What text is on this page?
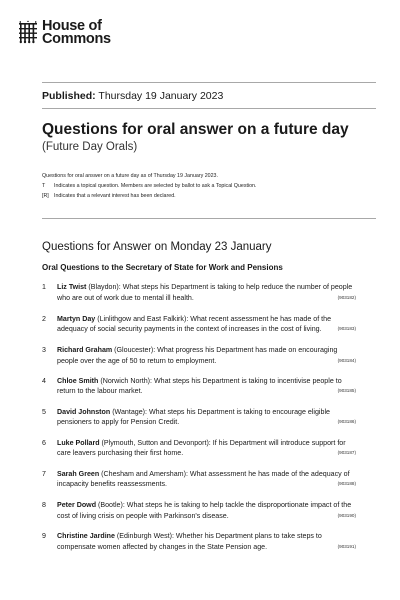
House of
Commons
Published: Thursday 19 January 2023
Questions for oral answer on a future day
(Future Day Orals)
Questions for oral answer on a future day as of Thursday 19 January 2023.
T Indicates a topical question. Members are selected by ballot to ask a Topical Question.
[R] Indicates that a relevant interest has been declared.
Questions for Answer on Monday 23 January
Oral Questions to the Secretary of State for Work and Pensions
1 Liz Twist (Blaydon): What steps his Department is taking to help reduce the number of people who are out of work due to mental ill health.	(903182)
2 Martyn Day (Linlithgow and East Falkirk): What recent assessment he has made of the adequacy of social security payments in the context of increases in the cost of living.	(903183)
3 Richard Graham (Gloucester): What progress his Department has made on encouraging people over the age of 50 to return to employment.	(903184)
4 Chloe Smith (Norwich North): What steps his Department is taking to incentivise people to return to the labour market.	(903185)
5 David Johnston (Wantage): What steps his Department is taking to encourage eligible pensioners to apply for Pension Credit.	(903186)
6 Luke Pollard (Plymouth, Sutton and Devonport): If his Department will introduce support for care leavers purchasing their first home.	(903187)
7 Sarah Green (Chesham and Amersham): What assessment he has made of the adequacy of incapacity benefits reassessments.	(903188)
8 Peter Dowd (Bootle): What steps he is taking to help tackle the disproportionate impact of the cost of living crisis on people with Parkinson's disease.	(903190)
9 Christine Jardine (Edinburgh West): Whether his Department plans to take steps to compensate women affected by changes in the State Pension age.	(903191)
